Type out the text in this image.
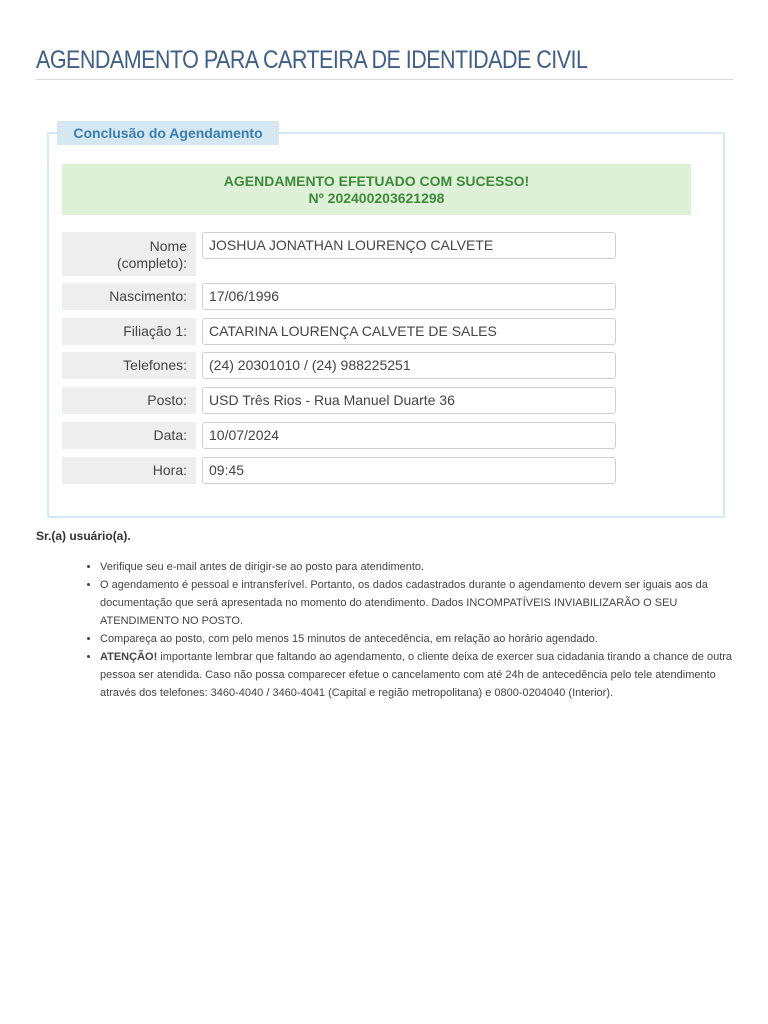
AGENDAMENTO PARA CARTEIRA DE IDENTIDADE CIVIL
Conclusão do Agendamento
AGENDAMENTO EFETUADO COM SUCESSO!
Nº 202400203621298
Nome
(completo):
JOSHUA JONATHAN LOURENÇO CALVETE
Nascimento:	17/06/1996
Filiação 1:	CATARINA LOURENÇA CALVETE DE SALES
Telefones:	(24) 20301010 / (24) 988225251
Posto:	USD Três Rios - Rua Manuel Duarte 36
Data:	10/07/2024
Hora:	09:45
Sr.(a) usuário(a).
• Verifique seu e-mail antes de dirigir-se ao posto para atendimento.
• O agendamento é pessoal e intransferível. Portanto, os dados cadastrados durante o agendamento devem ser iguais aos da documentação que será apresentada no momento do atendimento. Dados INCOMPATÍVEIS INVIABILIZARÃO O SEU ATENDIMENTO NO POSTO.
• Compareça ao posto, com pelo menos 15 minutos de antecedência, em relação ao horário agendado.
• ATENÇÃO! importante lembrar que faltando ao agendamento, o cliente deixa de exercer sua cidadania tirando a chance de outra pessoa ser atendida. Caso não possa comparecer efetue o cancelamento com até 24h de antecedência pelo tele atendimento através dos telefones: 3460-4040 / 3460-4041 (Capital e região metropolitana) e 0800-0204040 (Interior).
